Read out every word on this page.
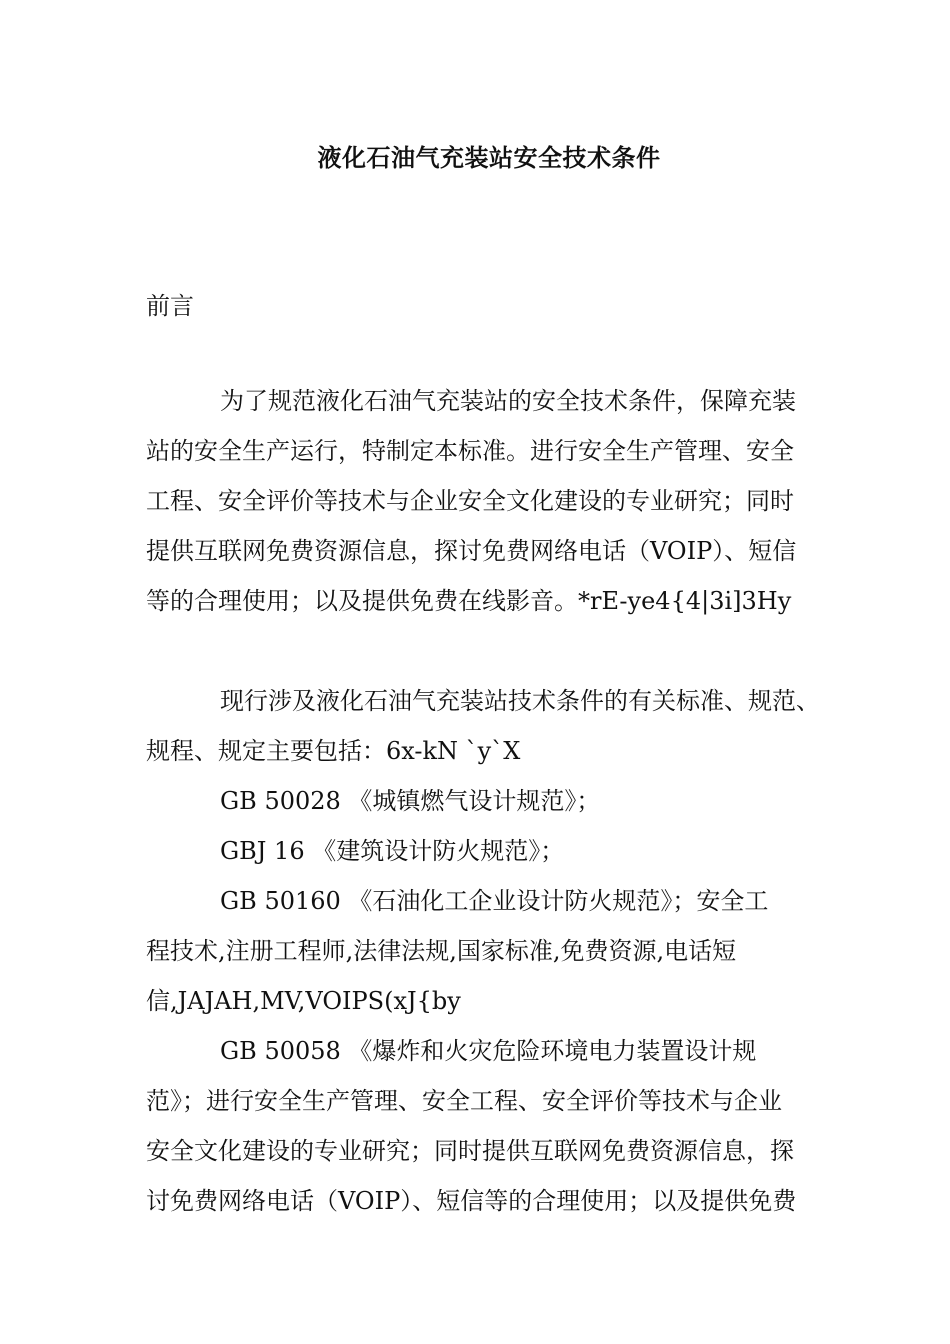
液化石油气充装站安全技术条件
前言
为了规范液化石油气充装站的安全技术条件，保障充装
站的安全生产运行，特制定本标准。进行安全生产管理、安全
工程、安全评价等技术与企业安全文化建设的专业研究；同时
提供互联网免费资源信息，探讨免费网络电话（VOIP）、短信
等的合理使用；以及提供免费在线影音。*rE-ye4{4|3i]3Hy
现行涉及液化石油气充装站技术条件的有关标准、规范、
规程、规定主要包括：6x-kN `y`X
GB 50028 《城镇燃气设计规范》；
GBJ 16 《建筑设计防火规范》；
GB 50160 《石油化工企业设计防火规范》；安全工
程技术,注册工程师,法律法规,国家标准,免费资源,电话短
信,JAJAH,MV,VOIPS(xJ{by
GB 50058 《爆炸和火灾危险环境电力装置设计规
范》；进行安全生产管理、安全工程、安全评价等技术与企业
安全文化建设的专业研究；同时提供互联网免费资源信息，探
讨免费网络电话（VOIP）、短信等的合理使用；以及提供免费
